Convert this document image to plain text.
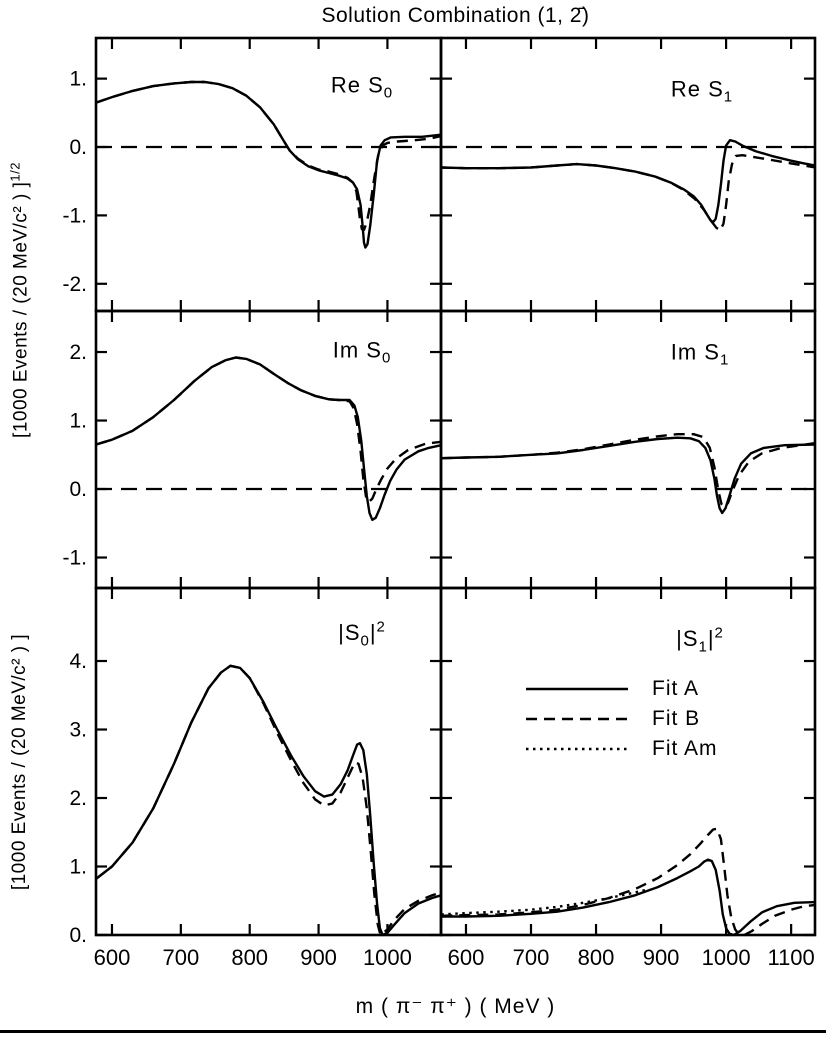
1.
0.
-1.
-2.
2.
1.
0.
-1.
600 700 800 900 1000
4.
3.
2.
1.
0.
600 700 800 900 1000 1100
Solution Combination (1, 2̄)
[1000 Events / (20 MeV/c² ) ]$^{1/2}$
[1000 Events / (20 MeV/c² ) ]
m ( π⁻ π⁺ ) ( MeV )
Re $S_0$	Re $S_1$
Im $S_0$	Im $S_1$
$|S_0|^2$	$|S_1|^2$
Fit A
Fit B
Fit Am
